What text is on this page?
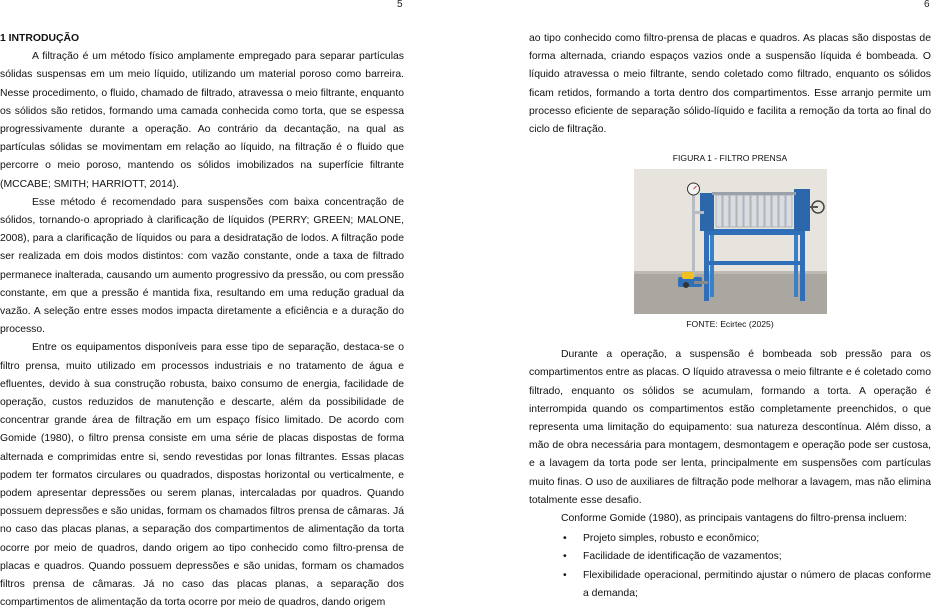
5	6

1 INTRODUÇÃO

A filtração é um método físico amplamente empregado para separar partículas sólidas suspensas em um meio líquido, utilizando um material poroso como barreira. Nesse procedimento, o fluido, chamado de filtrado, atravessa o meio filtrante, enquanto os sólidos são retidos, formando uma camada conhecida como torta, que se espessa progressivamente durante a operação. Ao contrário da decantação, na qual as partículas sólidas se movimentam em relação ao líquido, na filtração é o fluido que percorre o meio poroso, mantendo os sólidos imobilizados na superfície filtrante (MCCABE; SMITH; HARRIOTT, 2014).

Esse método é recomendado para suspensões com baixa concentração de sólidos, tornando-o apropriado à clarificação de líquidos (PERRY; GREEN; MALONE, 2008), para a clarificação de líquidos ou para a desidratação de lodos. A filtração pode ser realizada em dois modos distintos: com vazão constante, onde a taxa de filtrado permanece inalterada, causando um aumento progressivo da pressão, ou com pressão constante, em que a pressão é mantida fixa, resultando em uma redução gradual da vazão. A seleção entre esses modos impacta diretamente a eficiência e a duração do processo.

Entre os equipamentos disponíveis para esse tipo de separação, destaca-se o filtro prensa, muito utilizado em processos industriais e no tratamento de água e efluentes, devido à sua construção robusta, baixo consumo de energia, facilidade de operação, custos reduzidos de manutenção e descarte, além da possibilidade de concentrar grande área de filtração em um espaço físico limitado. De acordo com Gomide (1980), o filtro prensa consiste em uma série de placas dispostas de forma alternada e comprimidas entre si, sendo revestidas por lonas filtrantes. Essas placas podem ter formatos circulares ou quadrados, dispostas horizontal ou verticalmente, e podem apresentar depressões ou serem planas, intercaladas por quadros. Quando possuem depressões e são unidas, formam os chamados filtros prensa de câmaras. Já no caso das placas planas, a separação dos compartimentos de alimentação da torta ocorre por meio de quadros, dando origem ao tipo conhecido como filtro-prensa de placas e quadros. Quando possuem depressões e são unidas, formam os chamados filtros prensa de câmaras. Já no caso das placas planas, a separação dos compartimentos de alimentação da torta ocorre por meio de quadros, dando origem

ao tipo conhecido como filtro-prensa de placas e quadros. As placas são dispostas de forma alternada, criando espaços vazios onde a suspensão líquida é bombeada. O líquido atravessa o meio filtrante, sendo coletado como filtrado, enquanto os sólidos ficam retidos, formando a torta dentro dos compartimentos. Esse arranjo permite um processo eficiente de separação sólido-líquido e facilita a remoção da torta ao final do ciclo de filtração.

FIGURA 1 - FILTRO PRENSA
FONTE: Ecirtec (2025)

Durante a operação, a suspensão é bombeada sob pressão para os compartimentos entre as placas. O líquido atravessa o meio filtrante e é coletado como filtrado, enquanto os sólidos se acumulam, formando a torta. A operação é interrompida quando os compartimentos estão completamente preenchidos, o que representa uma limitação do equipamento: sua natureza descontínua. Além disso, a mão de obra necessária para montagem, desmontagem e operação pode ser custosa, e a lavagem da torta pode ser lenta, principalmente em suspensões com partículas muito finas. O uso de auxiliares de filtração pode melhorar a lavagem, mas não elimina totalmente esse desafio.

Conforme Gomide (1980), as principais vantagens do filtro-prensa incluem:

• Projeto simples, robusto e econômico;
• Facilidade de identificação de vazamentos;
• Flexibilidade operacional, permitindo ajustar o número de placas conforme a demanda;
